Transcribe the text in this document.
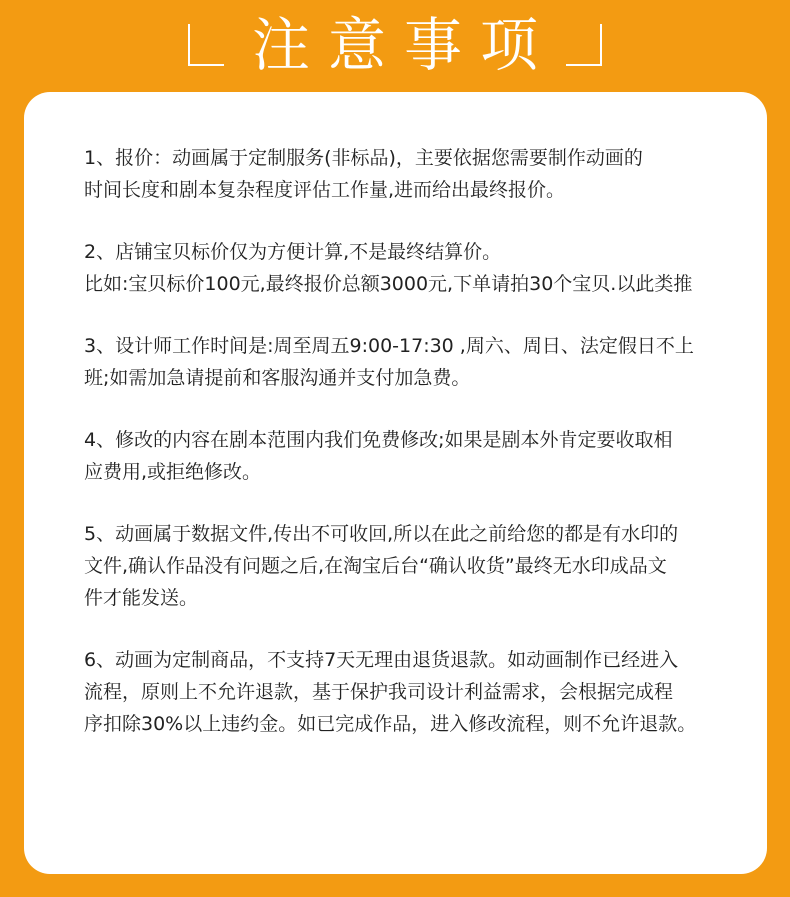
注意事项
1、报价：动画属于定制服务(非标品)，主要依据您需要制作动画的
时间长度和剧本复杂程度评估工作量,进而给出最终报价。
2、店铺宝贝标价仅为方便计算,不是最终结算价。
比如:宝贝标价100元,最终报价总额3000元,下单请拍30个宝贝.以此类推
3、设计师工作时间是:周至周五9:00-17:30 ,周六、周日、法定假日不上
班;如需加急请提前和客服沟通并支付加急费。
4、修改的内容在剧本范围内我们免费修改;如果是剧本外肯定要收取相
应费用,或拒绝修改。
5、动画属于数据文件,传出不可收回,所以在此之前给您的都是有水印的
文件,确认作品没有问题之后,在淘宝后台“确认收货”最终无水印成品文
件才能发送。
6、动画为定制商品，不支持7天无理由退货退款。如动画制作已经进入
流程，原则上不允许退款，基于保护我司设计利益需求，会根据完成程
序扣除30%以上违约金。如已完成作品，进入修改流程，则不允许退款。
